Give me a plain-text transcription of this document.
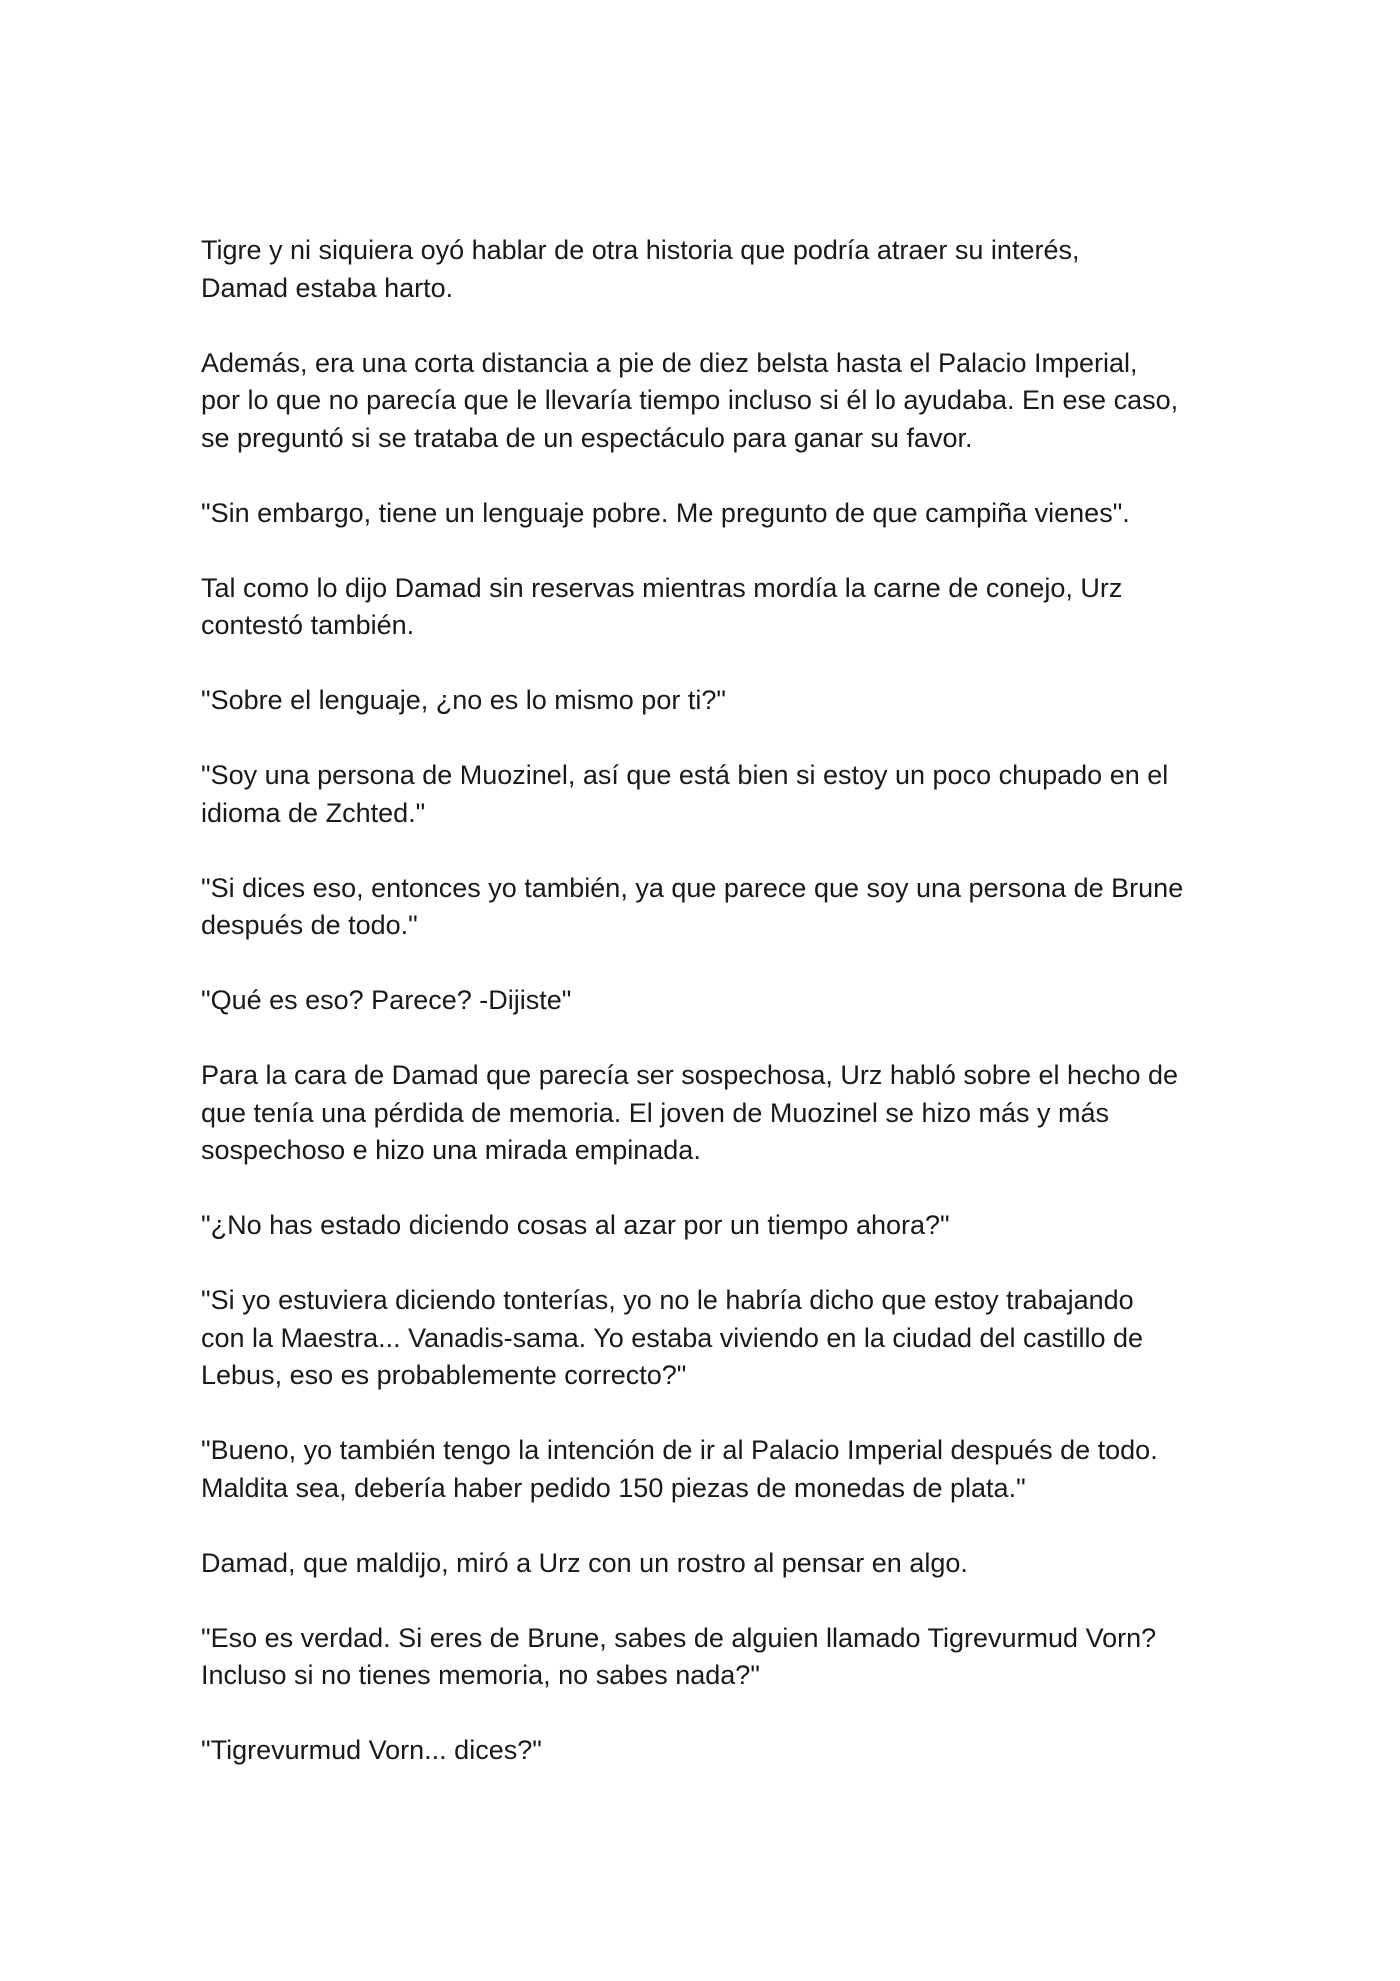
Tigre y ni siquiera oyó hablar de otra historia que podría atraer su interés,
Damad estaba harto.

Además, era una corta distancia a pie de diez belsta hasta el Palacio Imperial,
por lo que no parecía que le llevaría tiempo incluso si él lo ayudaba. En ese caso,
se preguntó si se trataba de un espectáculo para ganar su favor.

"Sin embargo, tiene un lenguaje pobre. Me pregunto de que campiña vienes".

Tal como lo dijo Damad sin reservas mientras mordía la carne de conejo, Urz
contestó también.

"Sobre el lenguaje, ¿no es lo mismo por ti?"

"Soy una persona de Muozinel, así que está bien si estoy un poco chupado en el
idioma de Zchted."

"Si dices eso, entonces yo también, ya que parece que soy una persona de Brune
después de todo."

"Qué es eso? Parece? -Dijiste"

Para la cara de Damad que parecía ser sospechosa, Urz habló sobre el hecho de
que tenía una pérdida de memoria. El joven de Muozinel se hizo más y más
sospechoso e hizo una mirada empinada.

"¿No has estado diciendo cosas al azar por un tiempo ahora?"

"Si yo estuviera diciendo tonterías, yo no le habría dicho que estoy trabajando
con la Maestra... Vanadis-sama. Yo estaba viviendo en la ciudad del castillo de
Lebus, eso es probablemente correcto?"

"Bueno, yo también tengo la intención de ir al Palacio Imperial después de todo.
Maldita sea, debería haber pedido 150 piezas de monedas de plata."

Damad, que maldijo, miró a Urz con un rostro al pensar en algo.

"Eso es verdad. Si eres de Brune, sabes de alguien llamado Tigrevurmud Vorn?
Incluso si no tienes memoria, no sabes nada?"

"Tigrevurmud Vorn... dices?"
